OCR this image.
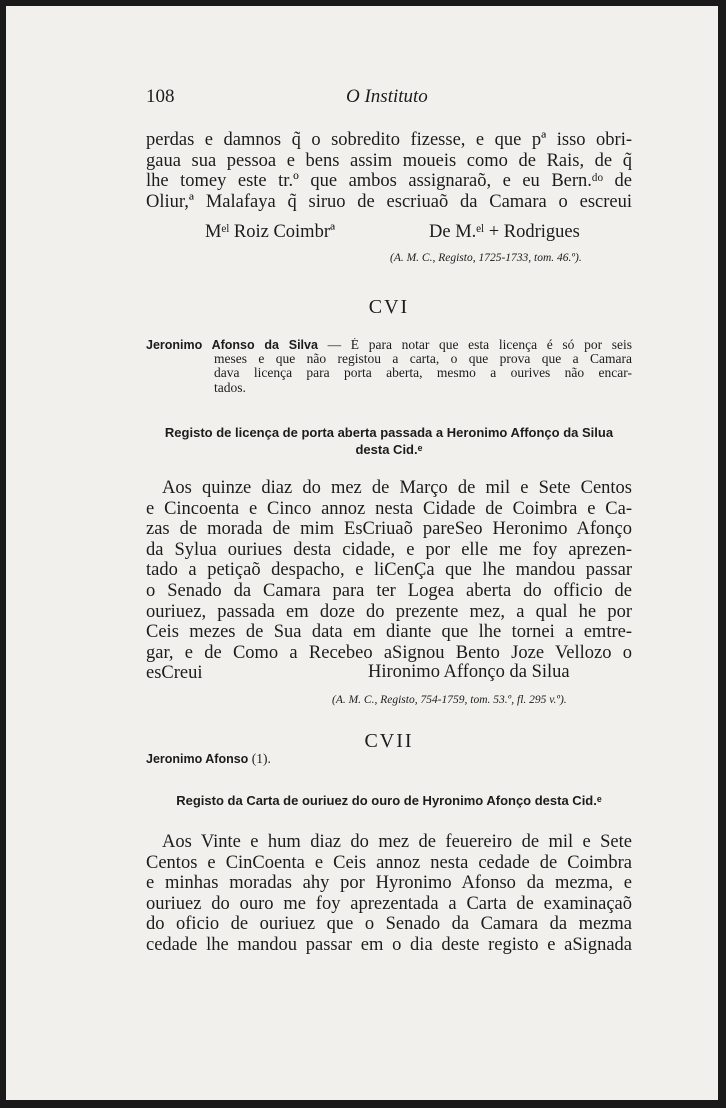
108	O Instituto
perdas e damnos q̃ o sobredito fizesse, e que pª isso obri-
gaua sua pessoa e bens assim moueis como de Rais, de q̃
lhe tomey este tr.º que ambos assignaraõ, e eu Bern.ᵈᵒ de
Oliur,ª Malafaya q̃ siruo de escriuaõ da Camara o escreui
Mᵉˡ Roiz Coimbrª	De M.ᵉˡ + Rodrigues
(A. M. C., Registo, 1725-1733, tom. 46.º).
CVI
Jeronimo Afonso da Silva — É para notar que esta licença é só por seis
meses e que não registou a carta, o que prova que a Camara
dava licença para porta aberta, mesmo a ourives não encar-
tados.
Registo de licença de porta aberta passada a Heronimo Affonço da Silua
desta Cid.ᵉ
Aos quinze diaz do mez de Março de mil e Sete Centos
e Cincoenta e Cinco annoz nesta Cidade de Coimbra e Ca-
zas de morada de mim EsCriuaõ pareSeo Heronimo Afonço
da Sylua ouriues desta cidade, e por elle me foy aprezen-
tado a petiçaõ despacho, e liCenÇa que lhe mandou passar
o Senado da Camara para ter Logea aberta do officio de
ouriuez, passada em doze do prezente mez, a qual he por
Ceis mezes de Sua data em diante que lhe tornei a emtre-
gar, e de Como a Recebeo aSignou Bento Joze Vellozo o
esCreui	Hironimo Affonço da Silua
(A. M. C., Registo, 754-1759, tom. 53.º, fl. 295 v.º).
CVII
Jeronimo Afonso (1).
Registo da Carta de ouriuez do ouro de Hyronimo Afonço desta Cid.ᵉ
Aos Vinte e hum diaz do mez de feuereiro de mil e Sete
Centos e CinCoenta e Ceis annoz nesta cedade de Coimbra
e minhas moradas ahy por Hyronimo Afonso da mezma, e
ouriuez do ouro me foy aprezentada a Carta de examinaçaõ
do oficio de ouriuez que o Senado da Camara da mezma
cedade lhe mandou passar em o dia deste registo e aSignada
